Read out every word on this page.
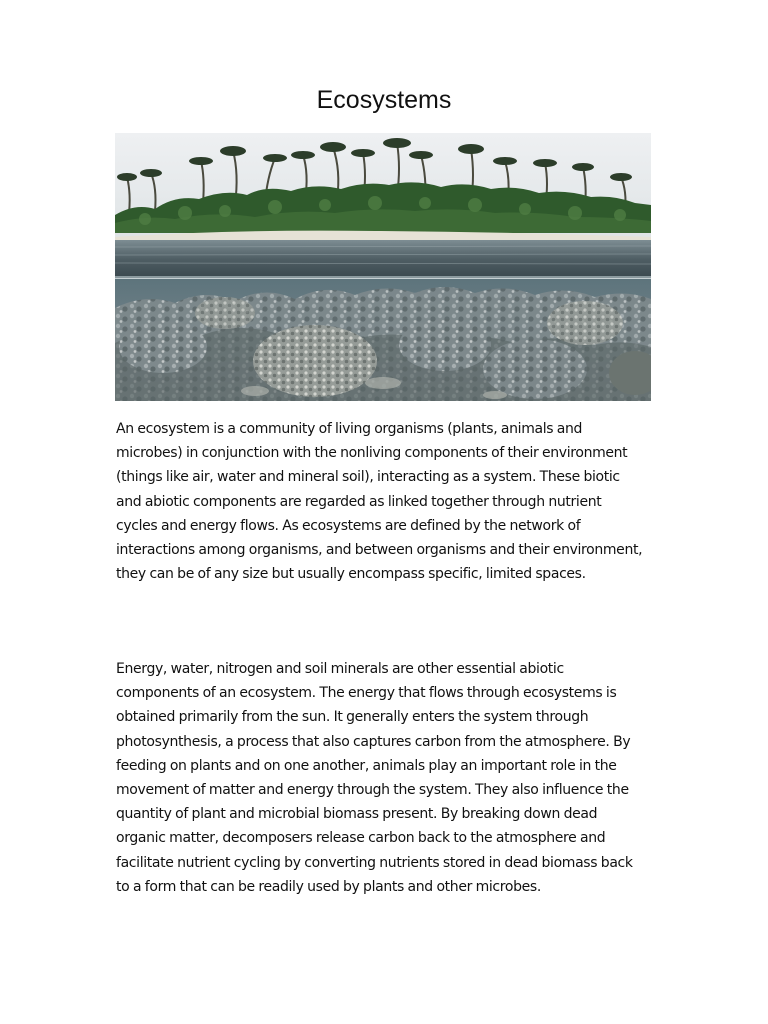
Ecosystems

An ecosystem is a community of living organisms (plants, animals and microbes) in conjunction with the nonliving components of their environment (things like air, water and mineral soil), interacting as a system. These biotic and abiotic components are regarded as linked together through nutrient cycles and energy flows. As ecosystems are defined by the network of interactions among organisms, and between organisms and their environment, they can be of any size but usually encompass specific, limited spaces.

Energy, water, nitrogen and soil minerals are other essential abiotic components of an ecosystem. The energy that flows through ecosystems is obtained primarily from the sun. It generally enters the system through photosynthesis, a process that also captures carbon from the atmosphere. By feeding on plants and on one another, animals play an important role in the movement of matter and energy through the system. They also influence the quantity of plant and microbial biomass present. By breaking down dead organic matter, decomposers release carbon back to the atmosphere and facilitate nutrient cycling by converting nutrients stored in dead biomass back to a form that can be readily used by plants and other microbes.
